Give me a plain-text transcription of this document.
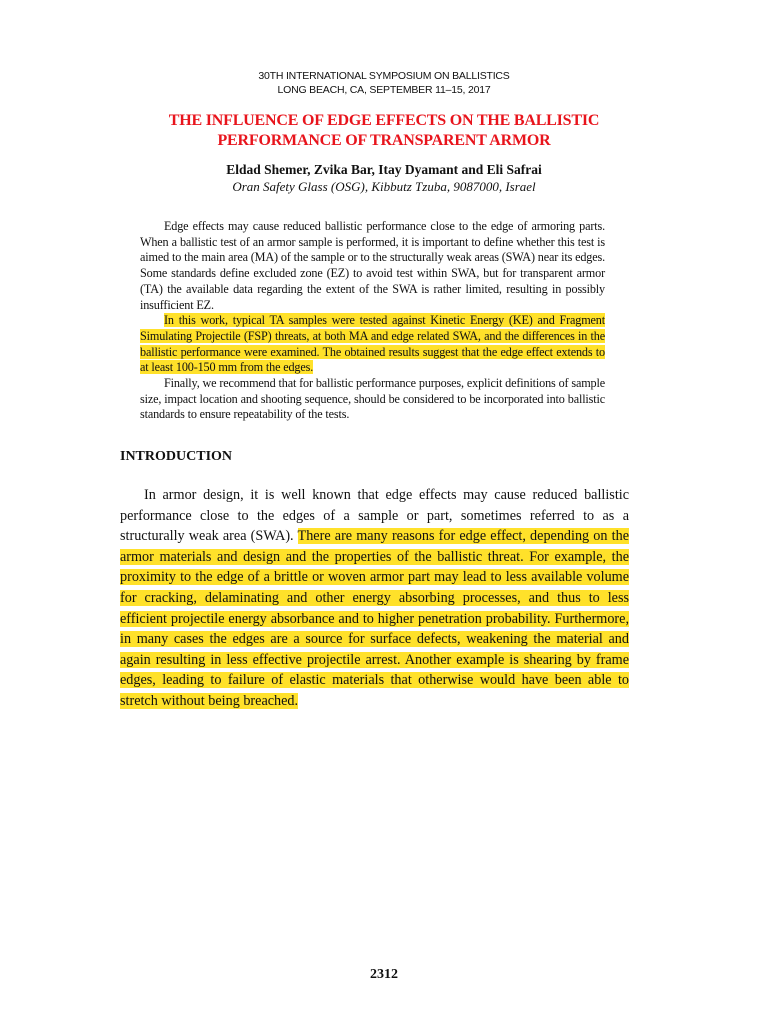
30TH INTERNATIONAL SYMPOSIUM ON BALLISTICS
LONG BEACH, CA, SEPTEMBER 11–15, 2017
THE INFLUENCE OF EDGE EFFECTS ON THE BALLISTIC
PERFORMANCE OF TRANSPARENT ARMOR
Eldad Shemer, Zvika Bar, Itay Dyamant and Eli Safrai
Oran Safety Glass (OSG), Kibbutz Tzuba, 9087000, Israel

Edge effects may cause reduced ballistic performance close to the edge of armoring parts. When a ballistic test of an armor sample is performed, it is important to define whether this test is aimed to the main area (MA) of the sample or to the structurally weak areas (SWA) near its edges. Some standards define excluded zone (EZ) to avoid test within SWA, but for transparent armor (TA) the available data regarding the extent of the SWA is rather limited, resulting in possibly insufficient EZ.

In this work, typical TA samples were tested against Kinetic Energy (KE) and Fragment Simulating Projectile (FSP) threats, at both MA and edge related SWA, and the differences in the ballistic performance were examined. The obtained results suggest that the edge effect extends to at least 100-150 mm from the edges.

Finally, we recommend that for ballistic performance purposes, explicit definitions of sample size, impact location and shooting sequence, should be considered to be incorporated into ballistic standards to ensure repeatability of the tests.

INTRODUCTION

In armor design, it is well known that edge effects may cause reduced ballistic performance close to the edges of a sample or part, sometimes referred to as a structurally weak area (SWA). There are many reasons for edge effect, depending on the armor materials and design and the properties of the ballistic threat. For example, the proximity to the edge of a brittle or woven armor part may lead to less available volume for cracking, delaminating and other energy absorbing processes, and thus to less efficient projectile energy absorbance and to higher penetration probability. Furthermore, in many cases the edges are a source for surface defects, weakening the material and again resulting in less effective projectile arrest. Another example is shearing by frame edges, leading to failure of elastic materials that otherwise would have been able to stretch without being breached.

2312
